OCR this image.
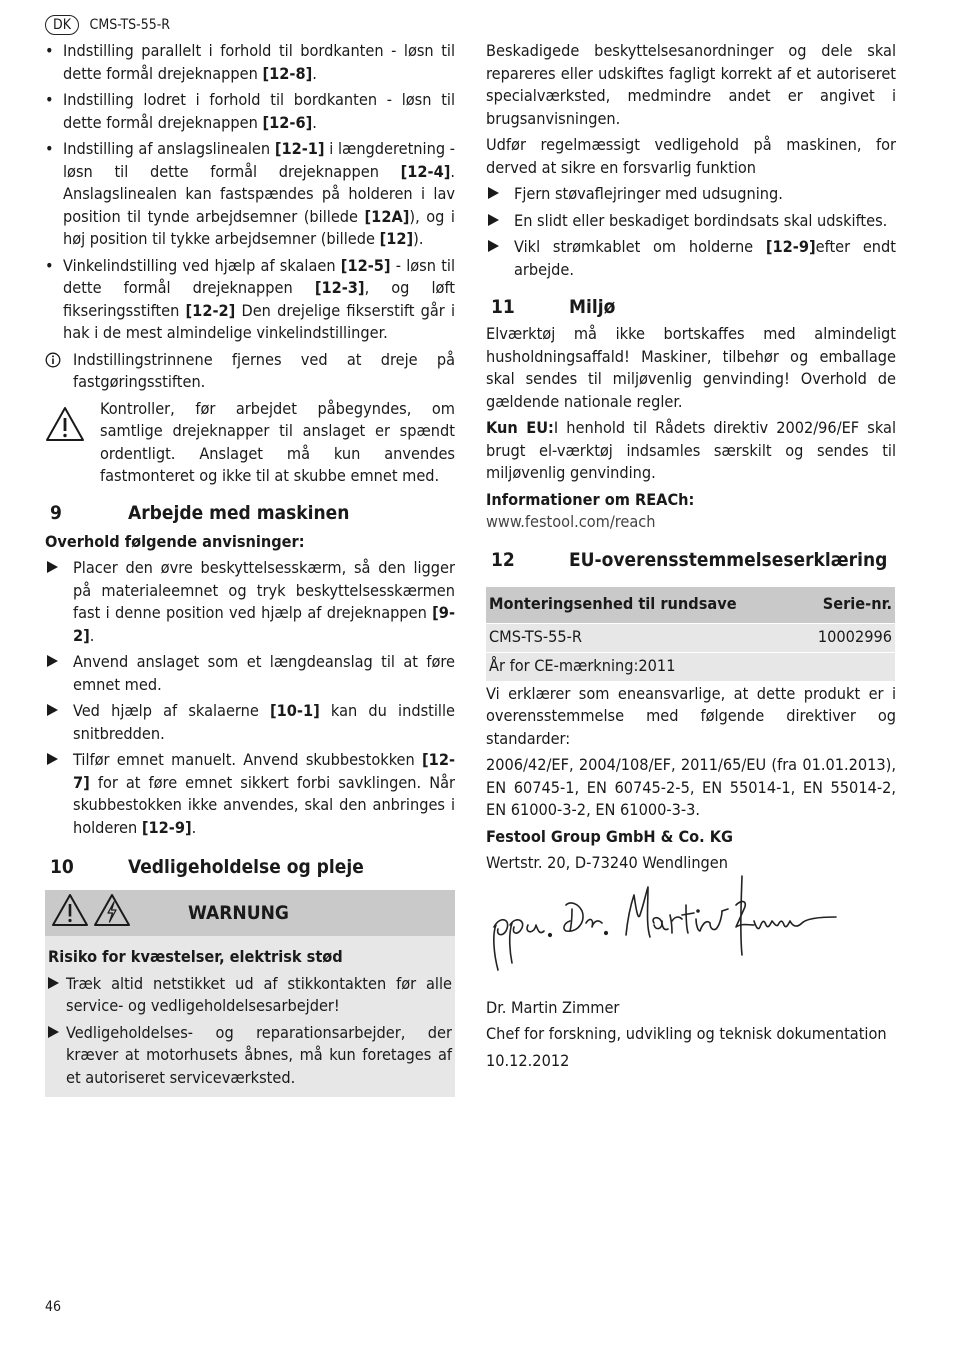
DK CMS-TS-55-R
• Indstilling parallelt i forhold til bordkanten - løsn til dette formål drejeknappen [12-8].
• Indstilling lodret i forhold til bordkanten - løsn til dette formål drejeknappen [12-6].
• Indstilling af anslagslinealen [12-1] i længderetning - løsn til dette formål drejeknappen [12-4]. Anslagslinealen kan fastspændes på holderen i lav position til tynde arbejdsemner (billede [12A]), og i høj position til tykke arbejdsemner (billede [12]).
• Vinkelindstilling ved hjælp af skalaen [12-5] - løsn til dette formål drejeknappen [12-3], og løft fikseringsstiften [12-2] Den drejelige fikserstift går i hak i de mest almindelige vinkelindstillinger.
Indstillingstrinnene fjernes ved at dreje på fastgøringsstiften.
Kontroller, før arbejdet påbegyndes, om samtlige drejeknapper til anslaget er spændt ordentligt. Anslaget må kun anvendes fastmonteret og ikke til at skubbe emnet med.
9	Arbejde med maskinen

Overhold følgende anvisninger:

Placer den øvre beskyttelsesskærm, så den ligger på materialeemnet og tryk beskyttelsesskærmen fast i denne position ved hjælp af drejeknappen [9-2].
Anvend anslaget som et længdeanslag til at føre emnet med.
Ved hjælp af skalaerne [10-1] kan du indstille snitbredden.
Tilfør emnet manuelt. Anvend skubbestokken [12-7] for at føre emnet sikkert forbi savklingen. Når skubbestokken ikke anvendes, skal den anbringes i holderen [12-9].
10	Vedligeholdelse og pleje
WARNUNG

Risiko for kvæstelser, elektrisk stød

Træk altid netstikket ud af stikkontakten før alle service- og vedligeholdelsesarbejder!
Vedligeholdelses- og reparationsarbejder, der kræver at motorhusets åbnes, må kun foretages af et autoriseret serviceværksted.

Beskadigede beskyttelsesanordninger og dele skal repareres eller udskiftes fagligt korrekt af et autoriseret specialværksted, medmindre andet er angivet i brugsanvisningen.

Udfør regelmæssigt vedligehold på maskinen, for derved at sikre en forsvarlig funktion

Fjern støvaflejringer med udsugning.
En slidt eller beskadiget bordindsats skal udskiftes.
Vikl strømkablet om holderne [12-9]efter endt arbejde.
11	Miljø

Elværktøj må ikke bortskaffes med almindeligt husholdningsaffald! Maskiner, tilbehør og emballage skal sendes til miljøvenlig genvinding! Overhold de gældende nationale regler.

Kun EU:I henhold til Rådets direktiv 2002/96/EF skal brugt el-værktøj indsamles særskilt og sendes til miljøvenlig genvinding.

Informationer om REACh:

www.festool.com/reach

12	EU-overensstemmelseserklæring
Monteringsenhed til rundsave	Serie-nr.
CMS-TS-55-R	10002996
År for CE-mærkning:2011	

Vi erklærer som eneansvarlige, at dette produkt er i overensstemmelse med følgende direktiver og standarder:

2006/42/EF, 2004/108/EF, 2011/65/EU (fra 01.01.2013), EN 60745-1, EN 60745-2-5, EN 55014-1, EN 55014-2, EN 61000-3-2, EN 61000-3-3.

Festool Group GmbH & Co. KG

Wertstr. 20, D-73240 Wendlingen

Dr. Martin Zimmer

Chef for forskning, udvikling og teknisk dokumentation

10.12.2012

46
